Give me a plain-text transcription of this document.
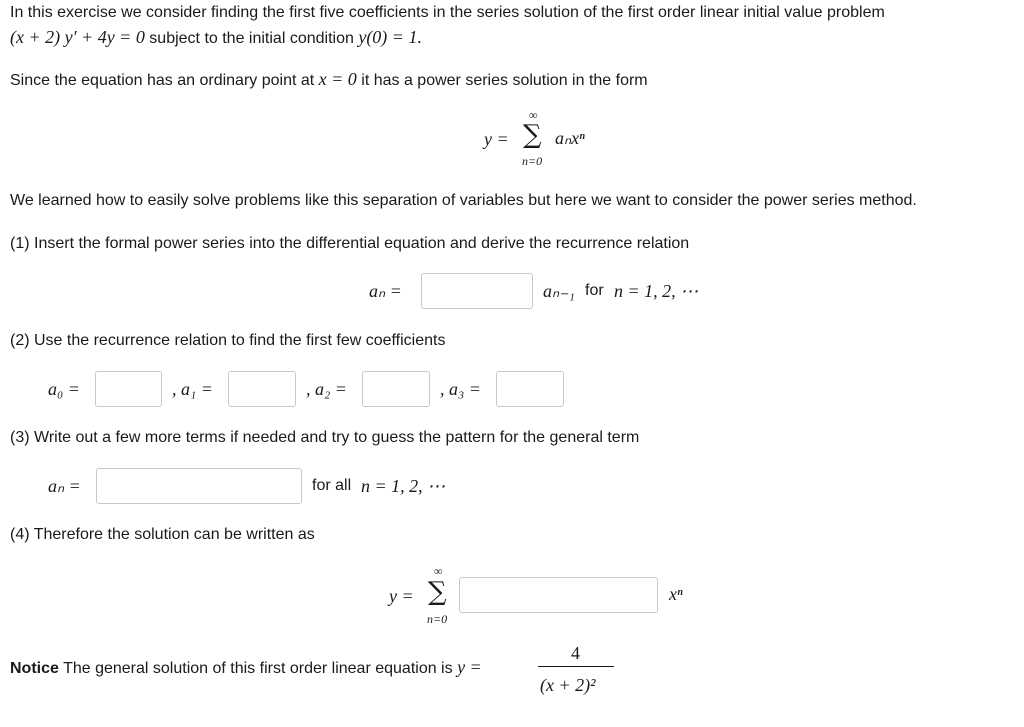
In this exercise we consider finding the first five coefficients in the series solution of the first order linear initial value problem
(x + 2) y′ + 4y = 0 subject to the initial condition y(0) = 1.
Since the equation has an ordinary point at x = 0 it has a power series solution in the form
y =
∞
∑
n=0
aₙxⁿ
We learned how to easily solve problems like this separation of variables but here we want to consider the power series method.
(1) Insert the formal power series into the differential equation and derive the recurrence relation
aₙ =	aₙ₋₁ for n = 1, 2, ⋯
(2) Use the recurrence relation to find the first few coefficients
a₀ =	, a₁ =	, a₂ =	, a₃ =
(3) Write out a few more terms if needed and try to guess the pattern for the general term
aₙ =	for all n = 1, 2, ⋯
(4) Therefore the solution can be written as
y =
∞
∑
n=0
xⁿ
Notice The general solution of this first order linear equation is y =
4
(x + 2)²
